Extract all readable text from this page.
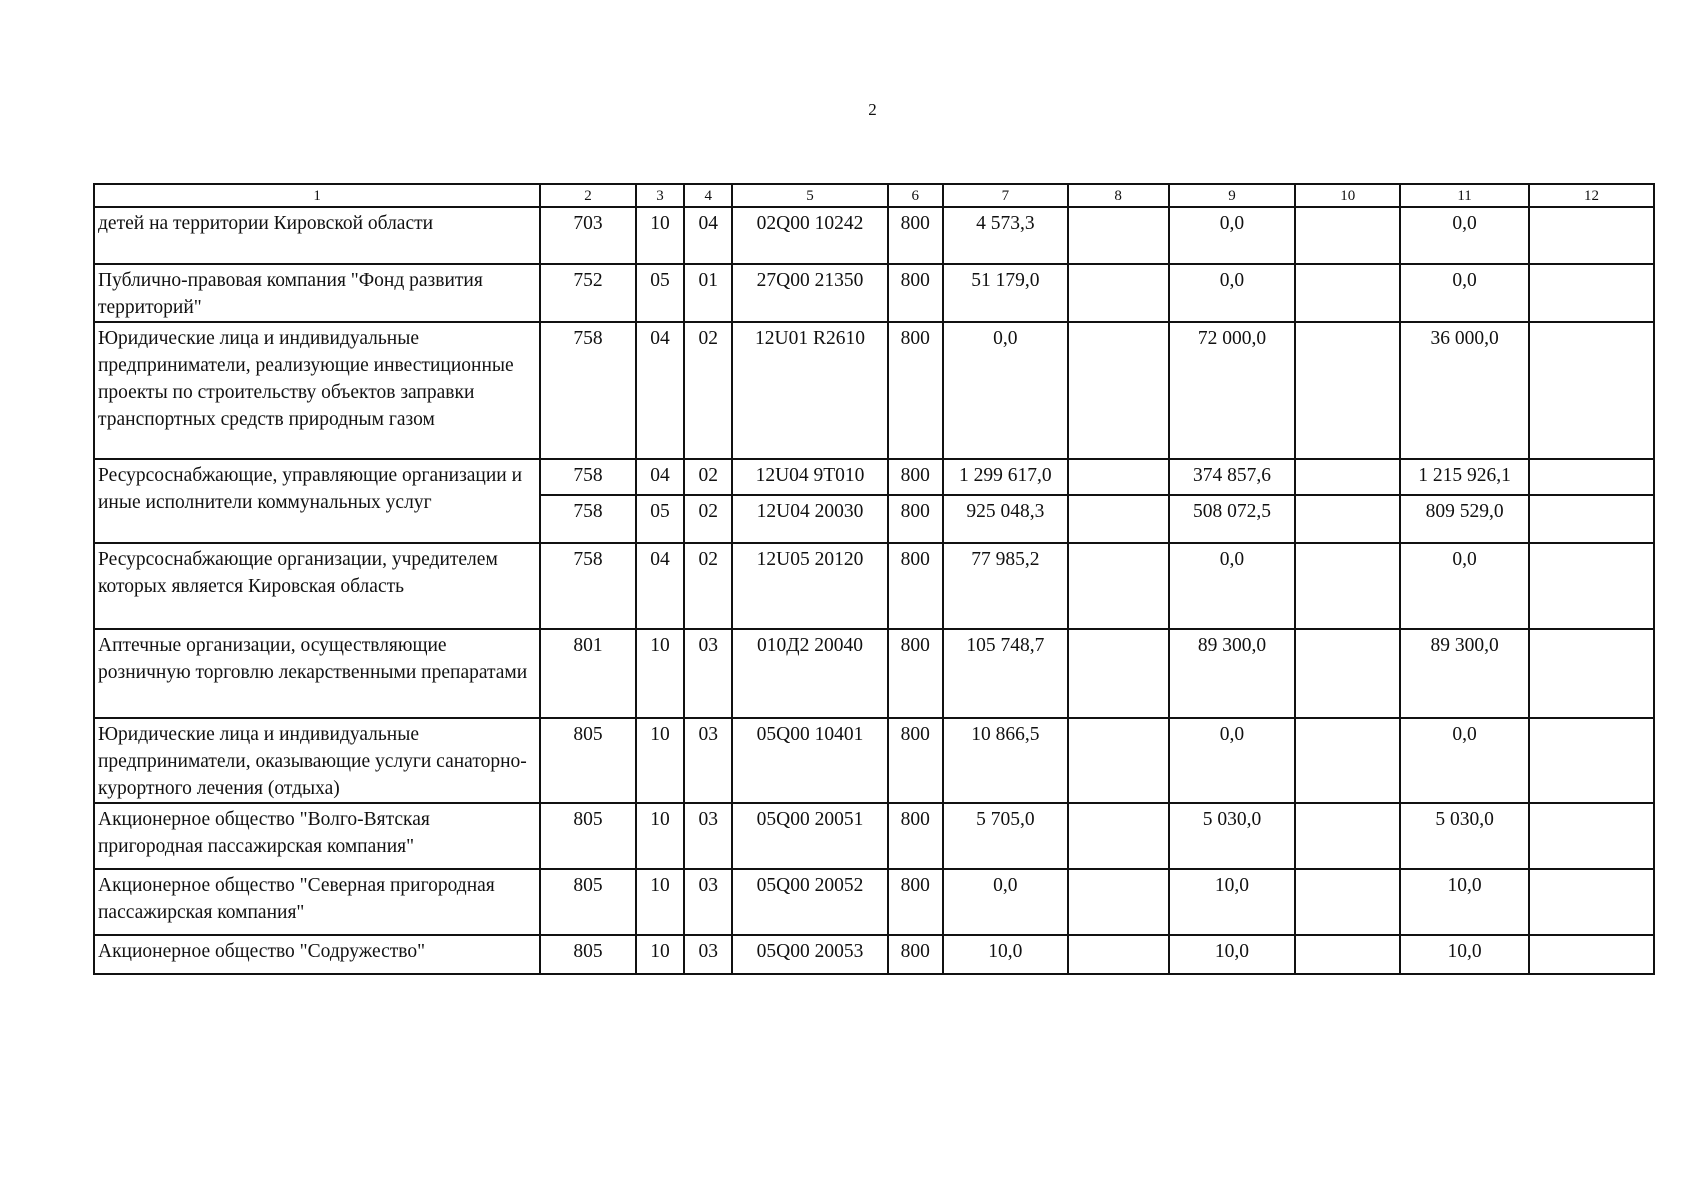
2
1	2	3	4	5	6	7	8	9	10	11	12
детей на территории Кировской области	703	10	04	02Q00 10242	800	4 573,3		0,0		0,0	
Публично-правовая компания "Фонд развития территорий"	752	05	01	27Q00 21350	800	51 179,0		0,0		0,0	
Юридические лица и индивидуальные предприниматели, реализующие инвестиционные проекты по строительству объектов заправки транспортных средств природным газом	758	04	02	12U01 R2610	800	0,0		72 000,0		36 000,0	
Ресурсоснабжающие, управляющие организации и иные исполнители коммунальных услуг	758	04	02	12U04 9T010	800	1 299 617,0		374 857,6		1 215 926,1	
	758	05	02	12U04 20030	800	925 048,3		508 072,5		809 529,0	
Ресурсоснабжающие организации, учредителем которых является Кировская область	758	04	02	12U05 20120	800	77 985,2		0,0		0,0	
Аптечные организации, осуществляющие розничную торговлю лекарственными препаратами	801	10	03	010Д2 20040	800	105 748,7		89 300,0		89 300,0	
Юридические лица и индивидуальные предприниматели, оказывающие услуги санаторно-курортного лечения (отдыха)	805	10	03	05Q00 10401	800	10 866,5		0,0		0,0	
Акционерное общество "Волго-Вятская пригородная пассажирская компания"	805	10	03	05Q00 20051	800	5 705,0		5 030,0		5 030,0	
Акционерное общество "Северная пригородная пассажирская компания"	805	10	03	05Q00 20052	800	0,0		10,0		10,0	
Акционерное общество "Содружество"	805	10	03	05Q00 20053	800	10,0		10,0		10,0	
